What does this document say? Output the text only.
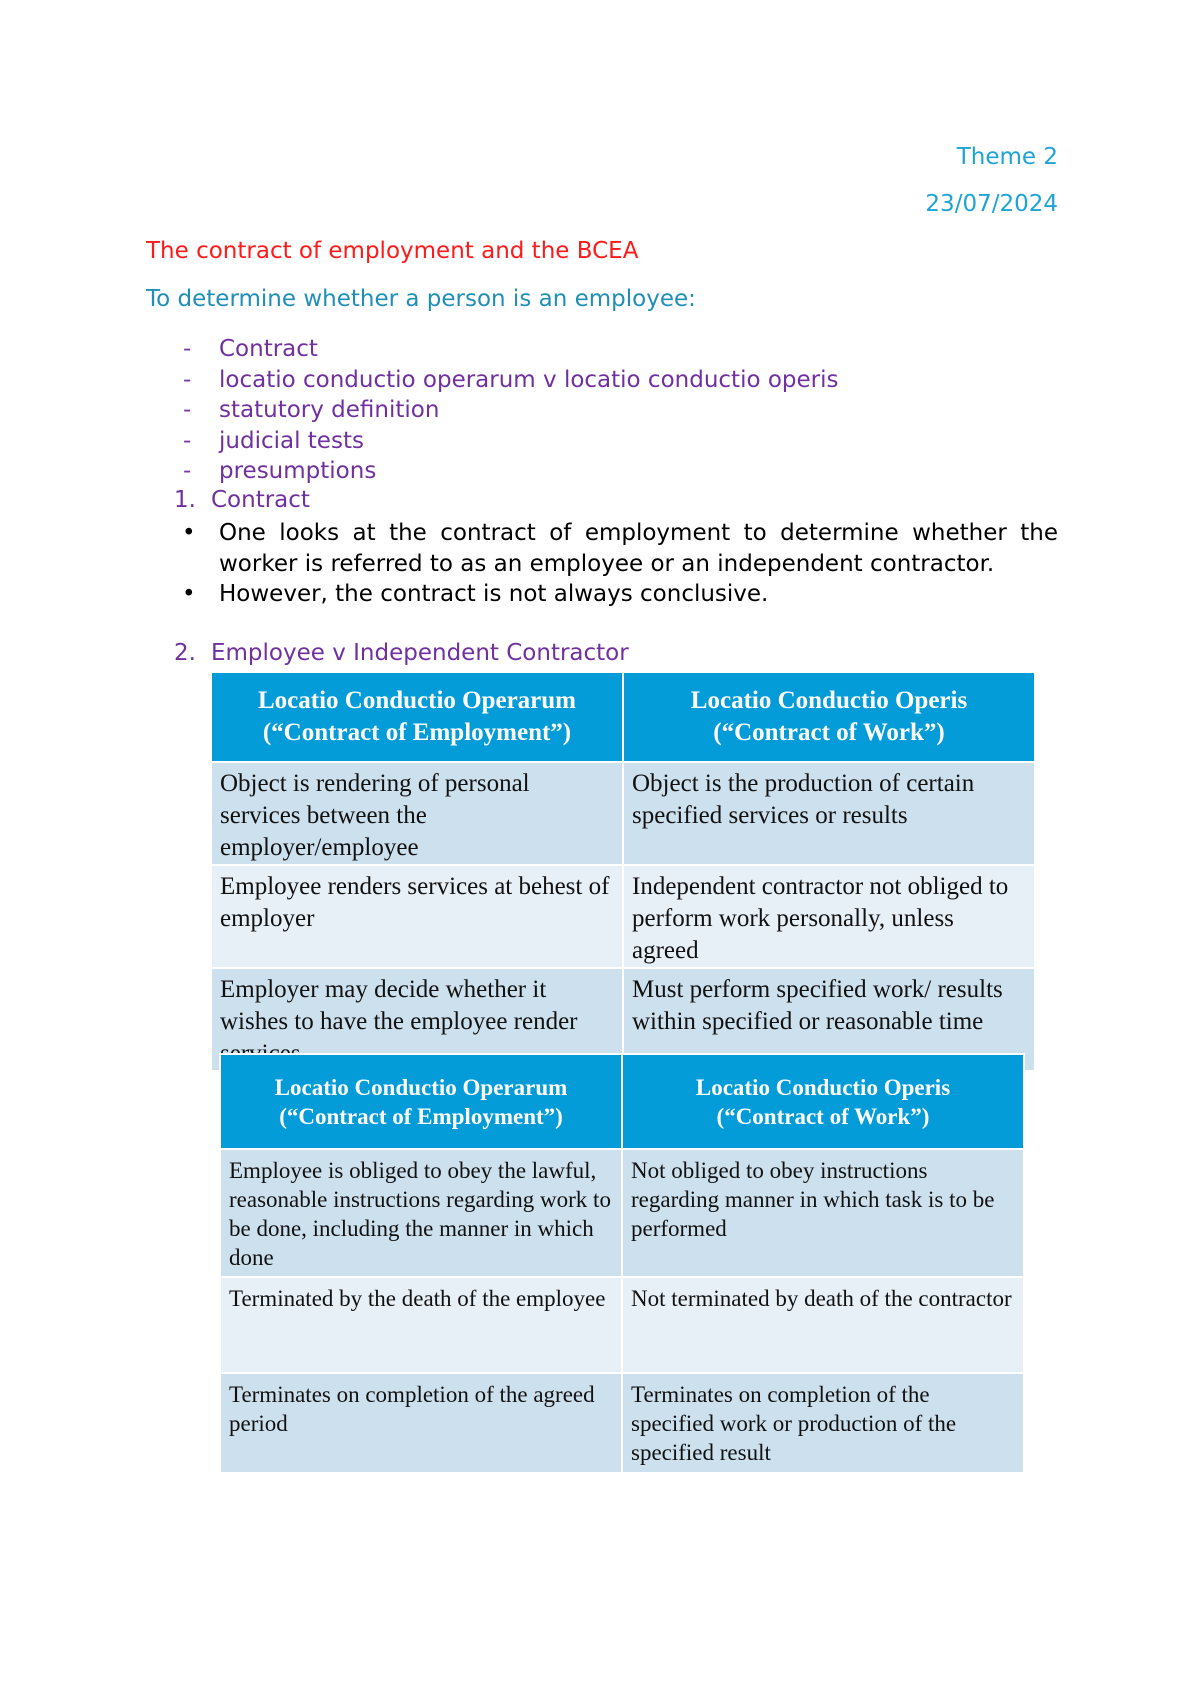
Theme 2
23/07/2024
The contract of employment and the BCEA
To determine whether a person is an employee:
- Contract
- locatio conductio operarum v locatio conductio operis
- statutory definition
- judicial tests
- presumptions
1. Contract
• One looks at the contract of employment to determine whether the worker is referred to as an employee or an independent contractor.
• However, the contract is not always conclusive.
2. Employee v Independent Contractor
Locatio Conductio Operarum
(“Contract of Employment”)	Locatio Conductio Operis
(“Contract of Work”)
Object is rendering of personal services between the employer/employee	Object is the production of certain specified services or results
Employee renders services at behest of employer	Independent contractor not obliged to perform work personally, unless agreed
Employer may decide whether it wishes to have the employee render	Must perform specified work/ results within specified or reasonable time
Locatio Conductio Operarum
(“Contract of Employment”)	Locatio Conductio Operis
(“Contract of Work”)
Employee is obliged to obey the lawful, reasonable instructions regarding work to be done, including the manner in which done	Not obliged to obey instructions regarding manner in which task is to be performed
Terminated by the death of the employee	Not terminated by death of the contractor
Terminates on completion of the agreed period	Terminates on completion of the specified work or production of the specified result
